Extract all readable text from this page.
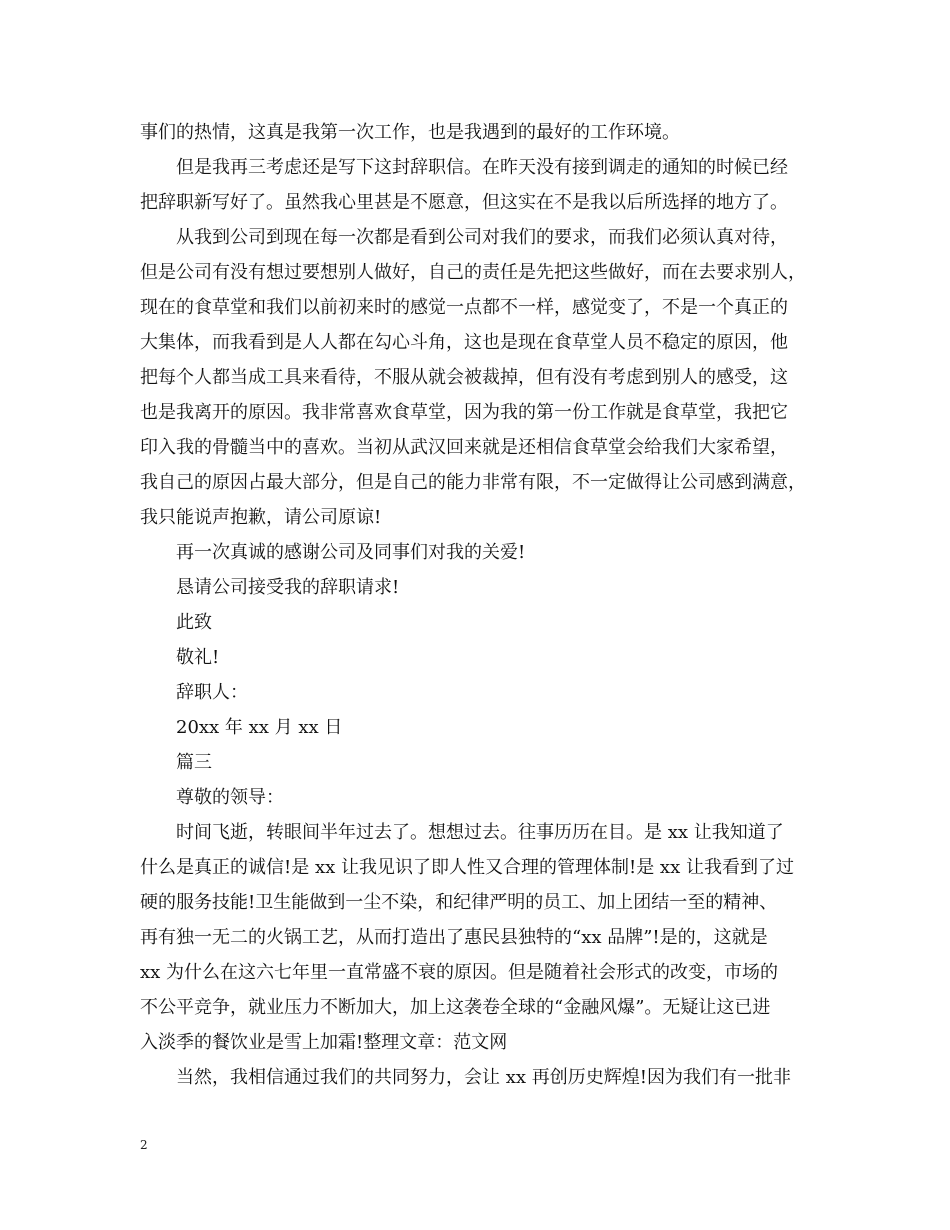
事们的热情，这真是我第一次工作，也是我遇到的最好的工作环境。
但是我再三考虑还是写下这封辞职信。在昨天没有接到调走的通知的时候已经
把辞职新写好了。虽然我心里甚是不愿意，但这实在不是我以后所选择的地方了。
从我到公司到现在每一次都是看到公司对我们的要求，而我们必须认真对待，
但是公司有没有想过要想别人做好，自己的责任是先把这些做好，而在去要求别人，
现在的食草堂和我们以前初来时的感觉一点都不一样，感觉变了，不是一个真正的
大集体，而我看到是人人都在勾心斗角，这也是现在食草堂人员不稳定的原因，他
把每个人都当成工具来看待，不服从就会被裁掉，但有没有考虑到别人的感受，这
也是我离开的原因。我非常喜欢食草堂，因为我的第一份工作就是食草堂，我把它
印入我的骨髓当中的喜欢。当初从武汉回来就是还相信食草堂会给我们大家希望，
我自己的原因占最大部分，但是自己的能力非常有限，不一定做得让公司感到满意，
我只能说声抱歉，请公司原谅!
再一次真诚的感谢公司及同事们对我的关爱!
恳请公司接受我的辞职请求!
此致
敬礼!
辞职人：
20xx 年 xx 月 xx 日
篇三
尊敬的领导：
时间飞逝，转眼间半年过去了。想想过去。往事历历在目。是 xx 让我知道了
什么是真正的诚信!是 xx 让我见识了即人性又合理的管理体制!是 xx 让我看到了过
硬的服务技能!卫生能做到一尘不染，和纪律严明的员工、加上团结一至的精神、
再有独一无二的火锅工艺，从而打造出了惠民县独特的“xx 品牌”!是的，这就是
xx 为什么在这六七年里一直常盛不衰的原因。但是随着社会形式的改变，市场的
不公平竞争，就业压力不断加大，加上这袭卷全球的“金融风爆”。无疑让这已进
入淡季的餐饮业是雪上加霜!整理文章：范文网
当然，我相信通过我们的共同努力，会让 xx 再创历史辉煌!因为我们有一批非
2
